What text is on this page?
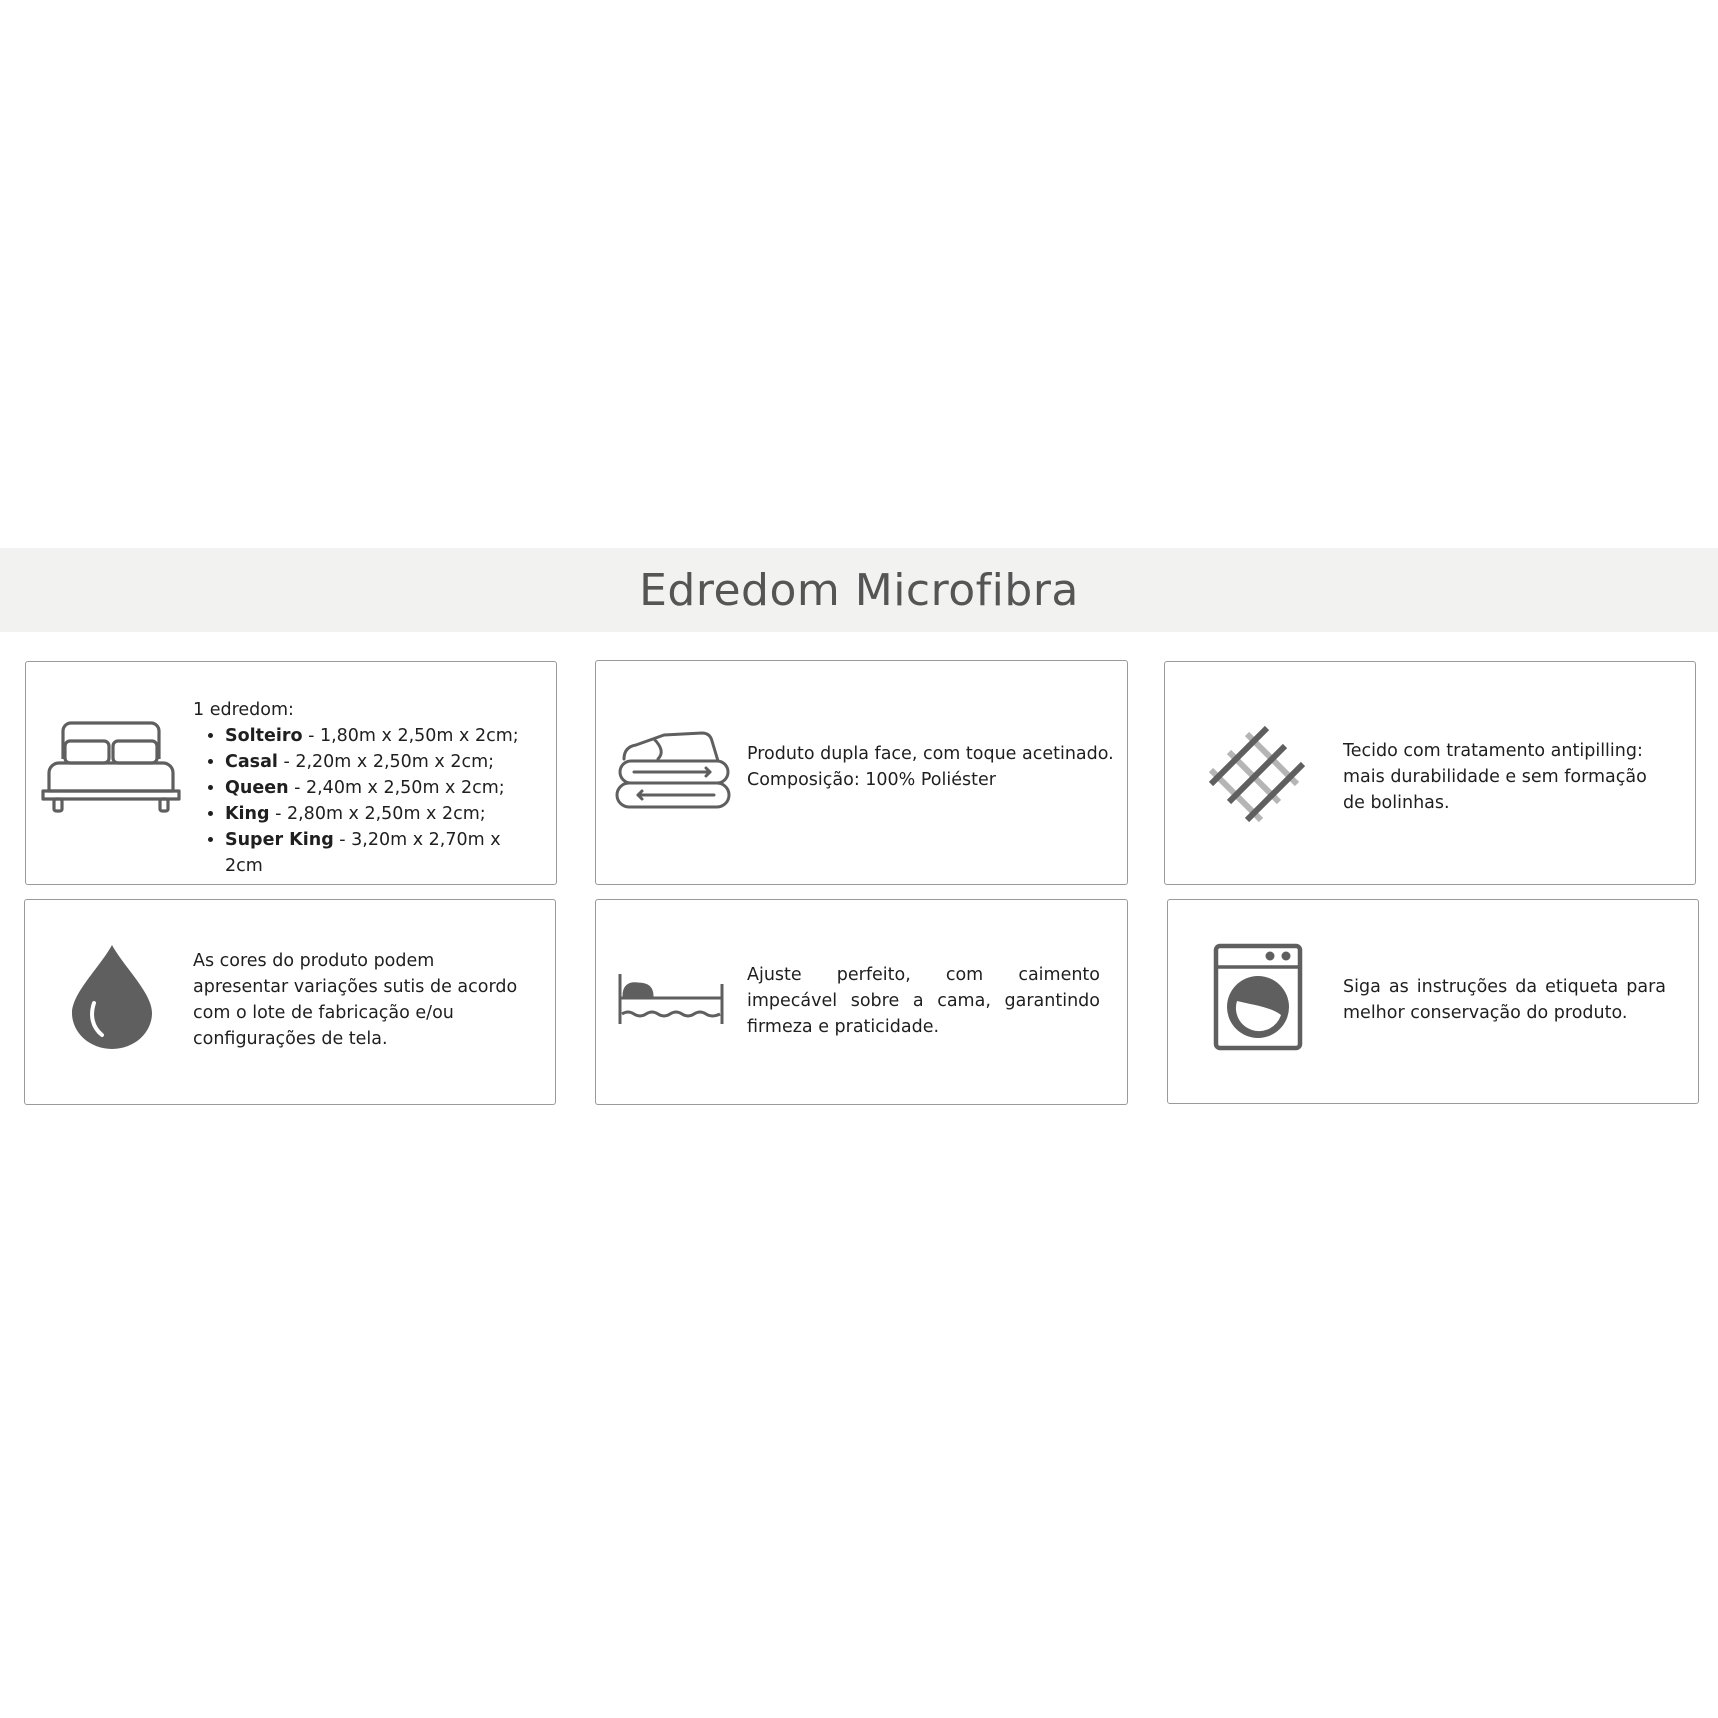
Edredom Microfibra

1 edredom:

• Solteiro - 1,80m x 2,50m x 2cm;
• Casal - 2,20m x 2,50m x 2cm;
• Queen - 2,40m x 2,50m x 2cm;
• King - 2,80m x 2,50m x 2cm;
• Super King - 3,20m x 2,70m x 2cm

Produto dupla face, com toque acetinado.

Composição: 100% Poliéster

Tecido com tratamento antipilling: mais durabilidade e sem formação de bolinhas.

As cores do produto podem apresentar variações sutis de acordo com o lote de fabricação e/ou configurações de tela.

Ajuste perfeito, com caimento impecável sobre a cama, garantindo firmeza e praticidade.

Siga as instruções da etiqueta para melhor conservação do produto.
